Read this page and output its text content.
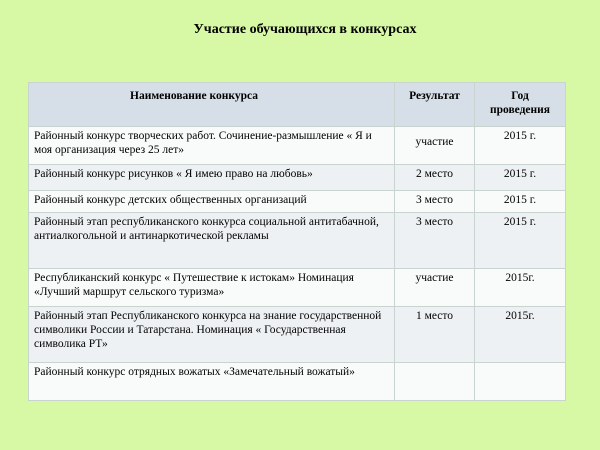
Участие обучающихся в конкурсах
Наименование конкурса	Результат	Год проведения
Районный конкурс творческих работ. Сочинение-размышление « Я и моя организация через 25 лет»	участие	2015 г.
Районный конкурс рисунков « Я имею право на любовь»	2 место	2015 г.
Районный конкурс детских общественных организаций	3 место	2015 г.
Районный этап республиканского конкурса социальной антитабачной, антиалкогольной и антинаркотической рекламы	3 место	2015 г.
Республиканский конкурс « Путешествие к истокам» Номинация «Лучший маршрут сельского туризма»	участие	2015г.
Районный этап Республиканского конкурса на знание государственной символики России и Татарстана. Номинация « Государственная символика РТ»	1 место	2015г.
Районный конкурс отрядных вожатых «Замечательный вожатый»		
